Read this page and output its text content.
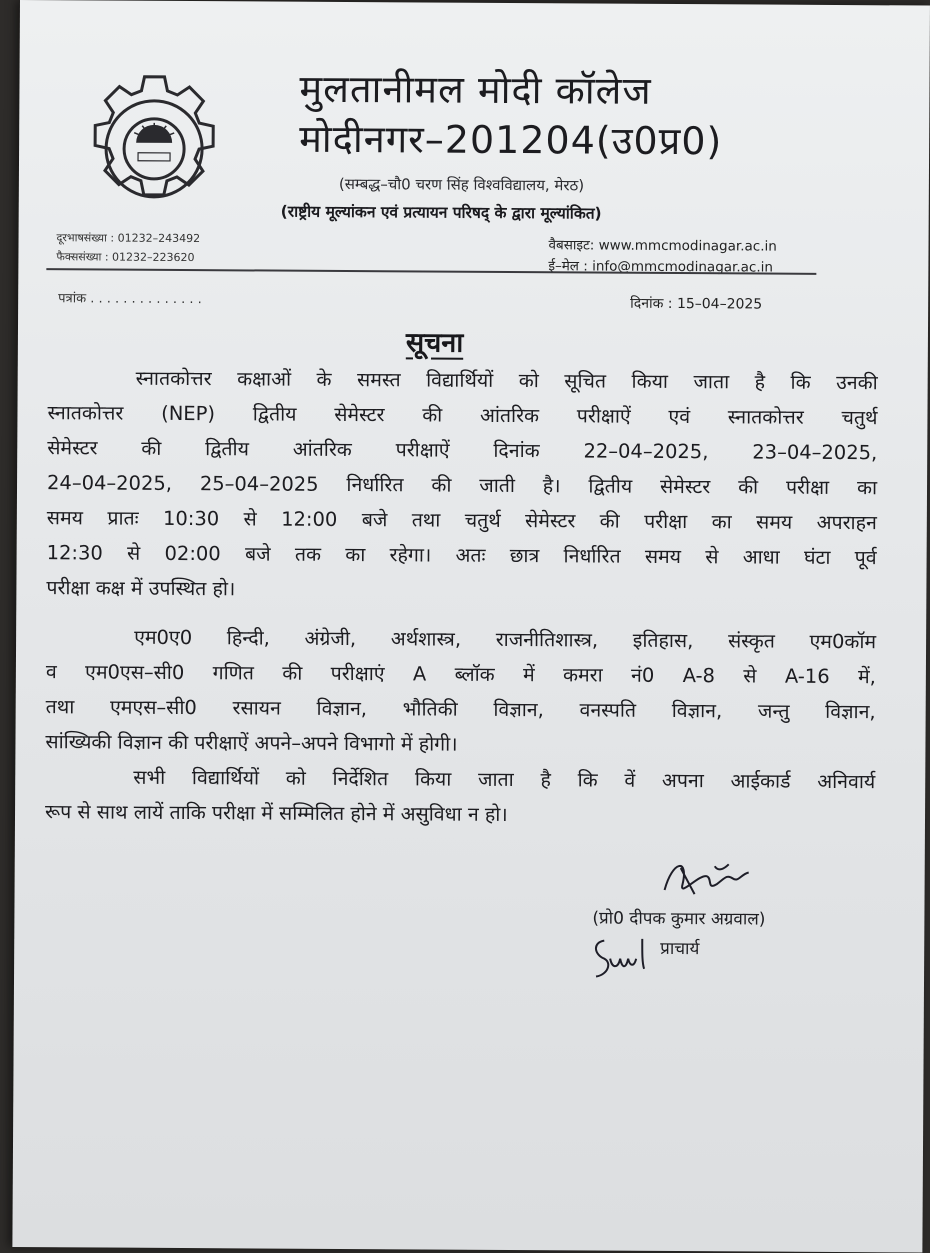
मुलतानीमल मोदी कॉलेज
मोदीनगर–201204(उ0प्र0)
(सम्बद्ध–चौ0 चरण सिंह विश्वविद्यालय, मेरठ)
(राष्ट्रीय मूल्यांकन एवं प्रत्यायन परिषद् के द्वारा मूल्यांकित)
दूरभाषसंख्या : 01232–243492
फैक्ससंख्या : 01232–223620
वैबसाइट: www.mmcmodinagar.ac.in
ई–मेल : info@mmcmodinagar.ac.in
पत्रांक . . . . . . . . . . . . . .	दिनांक : 15–04–2025
सूचना
स्नातकोत्तर कक्षाओं के समस्त विद्यार्थियों को सूचित किया जाता है कि उनकी
स्नातकोत्तर (NEP) द्वितीय सेमेस्टर की आंतरिक परीक्षाऐं एवं स्नातकोत्तर चतुर्थ
सेमेस्टर की द्वितीय आंतरिक परीक्षाऐं दिनांक 22–04–2025, 23–04–2025,
24–04–2025, 25–04–2025 निर्धारित की जाती है। द्वितीय सेमेस्टर की परीक्षा का
समय प्रातः 10:30 से 12:00 बजे तथा चतुर्थ सेमेस्टर की परीक्षा का समय अपराहन
12:30 से 02:00 बजे तक का रहेगा। अतः छात्र निर्धारित समय से आधा घंटा पूर्व
परीक्षा कक्ष में उपस्थित हो।
एम0ए0 हिन्दी, अंग्रेजी, अर्थशास्त्र, राजनीतिशास्त्र, इतिहास, संस्कृत एम0कॉम
व एम0एस–सी0 गणित की परीक्षाएं A ब्लॉक में कमरा नं0 A-8 से A-16 में,
तथा एमएस–सी0 रसायन विज्ञान, भौतिकी विज्ञान, वनस्पति विज्ञान, जन्तु विज्ञान,
सांख्यिकी विज्ञान की परीक्षाऐं अपने–अपने विभागो में होगी।
सभी विद्यार्थियों को निर्देशित किया जाता है कि वें अपना आईकार्ड अनिवार्य
रूप से साथ लायें ताकि परीक्षा में सम्मिलित होने में असुविधा न हो।
(प्रो0 दीपक कुमार अग्रवाल)
प्राचार्य
